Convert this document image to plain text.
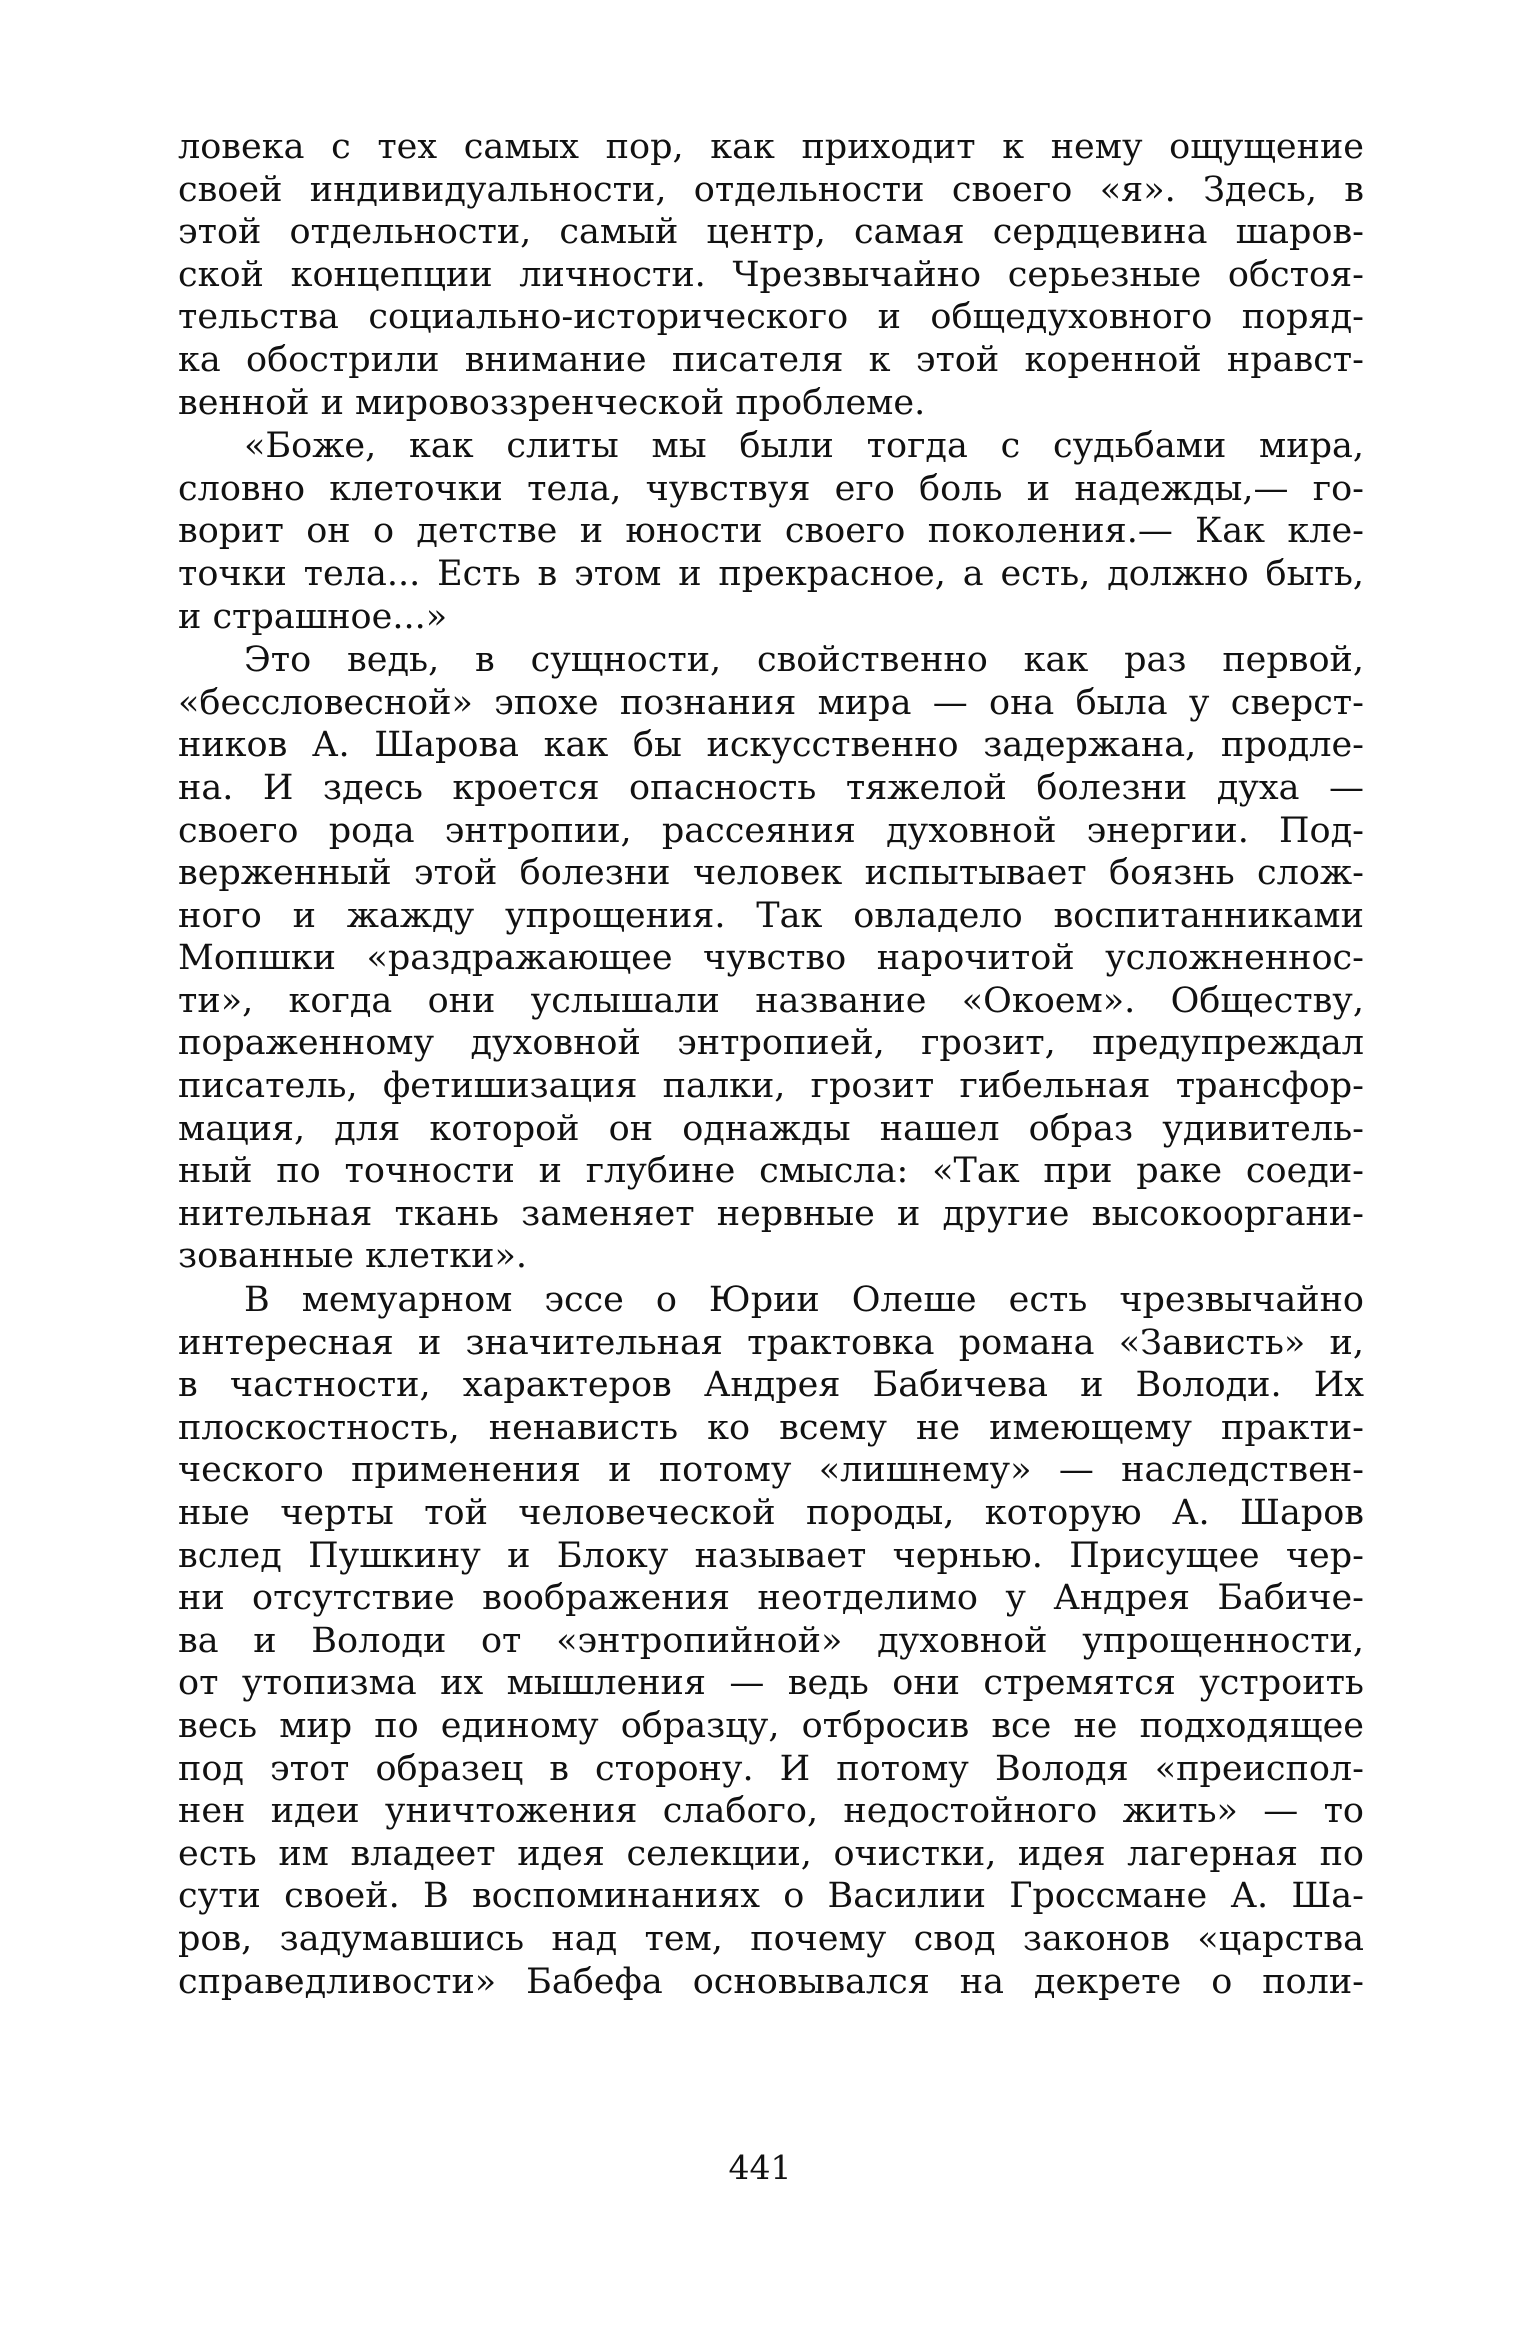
ловека с тех самых пор, как приходит к нему ощущение
своей индивидуальности, отдельности своего «я». Здесь, в
этой отдельности, самый центр, самая сердцевина шаров-
ской концепции личности. Чрезвычайно серьезные обстоя-
тельства социально-исторического и общедуховного поряд-
ка обострили внимание писателя к этой коренной нравст-
венной и мировоззренческой проблеме.
«Боже, как слиты мы были тогда с судьбами мира,
словно клеточки тела, чувствуя его боль и надежды,— го-
ворит он о детстве и юности своего поколения.— Как кле-
точки тела... Есть в этом и прекрасное, а есть, должно быть,
и страшное...»
Это ведь, в сущности, свойственно как раз первой,
«бессловесной» эпохе познания мира — она была у сверст-
ников А. Шарова как бы искусственно задержана, продле-
на. И здесь кроется опасность тяжелой болезни духа —
своего рода энтропии, рассеяния духовной энергии. Под-
верженный этой болезни человек испытывает боязнь слож-
ного и жажду упрощения. Так овладело воспитанниками
Мопшки «раздражающее чувство нарочитой усложненнос-
ти», когда они услышали название «Окоем». Обществу,
пораженному духовной энтропией, грозит, предупреждал
писатель, фетишизация палки, грозит гибельная трансфор-
мация, для которой он однажды нашел образ удивитель-
ный по точности и глубине смысла: «Так при раке соеди-
нительная ткань заменяет нервные и другие высокооргани-
зованные клетки».
В мемуарном эссе о Юрии Олеше есть чрезвычайно
интересная и значительная трактовка романа «Зависть» и,
в частности, характеров Андрея Бабичева и Володи. Их
плоскостность, ненависть ко всему не имеющему практи-
ческого применения и потому «лишнему» — наследствен-
ные черты той человеческой породы, которую А. Шаров
вслед Пушкину и Блоку называет чернью. Присущее чер-
ни отсутствие воображения неотделимо у Андрея Бабиче-
ва и Володи от «энтропийной» духовной упрощенности,
от утопизма их мышления — ведь они стремятся устроить
весь мир по единому образцу, отбросив все не подходящее
под этот образец в сторону. И потому Володя «преиспол-
нен идеи уничтожения слабого, недостойного жить» — то
есть им владеет идея селекции, очистки, идея лагерная по
сути своей. В воспоминаниях о Василии Гроссмане А. Ша-
ров, задумавшись над тем, почему свод законов «царства
справедливости» Бабефа основывался на декрете о поли-
441
